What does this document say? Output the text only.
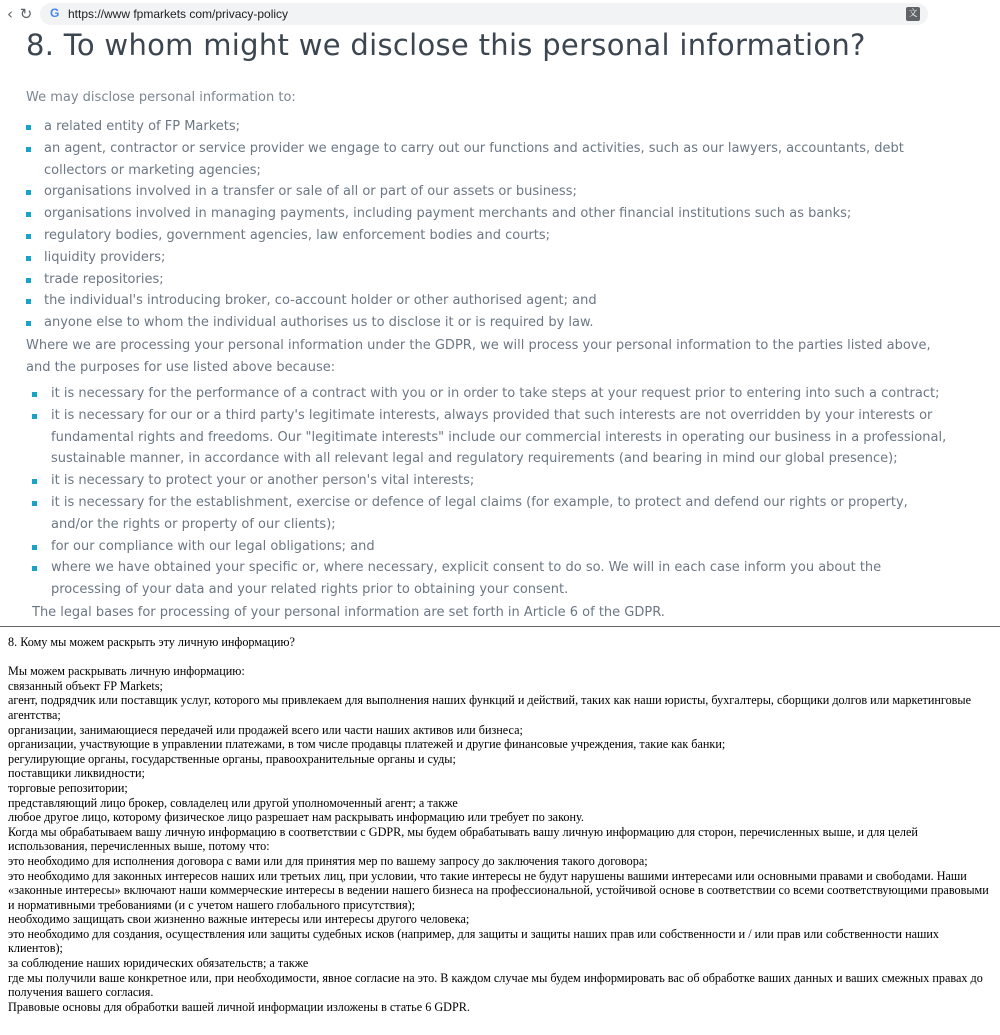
‹ ↻	G https://www fpmarkets com/privacy-policy	文
8. To whom might we disclose this personal information?

We may disclose personal information to:

a related entity of FP Markets;
an agent, contractor or service provider we engage to carry out our functions and activities, such as our lawyers, accountants, debt collectors or marketing agencies;
organisations involved in a transfer or sale of all or part of our assets or business;
organisations involved in managing payments, including payment merchants and other financial institutions such as banks;
regulatory bodies, government agencies, law enforcement bodies and courts;
liquidity providers;
trade repositories;
the individual's introducing broker, co-account holder or other authorised agent; and
anyone else to whom the individual authorises us to disclose it or is required by law.

Where we are processing your personal information under the GDPR, we will process your personal information to the parties listed above, and the purposes for use listed above because:

it is necessary for the performance of a contract with you or in order to take steps at your request prior to entering into such a contract;
it is necessary for our or a third party's legitimate interests, always provided that such interests are not overridden by your interests or fundamental rights and freedoms. Our "legitimate interests" include our commercial interests in operating our business in a professional, sustainable manner, in accordance with all relevant legal and regulatory requirements (and bearing in mind our global presence);
it is necessary to protect your or another person's vital interests;
it is necessary for the establishment, exercise or defence of legal claims (for example, to protect and defend our rights or property, and/or the rights or property of our clients);
for our compliance with our legal obligations; and
where we have obtained your specific or, where necessary, explicit consent to do so. We will in each case inform you about the processing of your data and your related rights prior to obtaining your consent.

The legal bases for processing of your personal information are set forth in Article 6 of the GDPR.

8. Кому мы можем раскрыть эту личную информацию?

Мы можем раскрывать личную информацию:

связанный объект FP Markets;

агент, подрядчик или поставщик услуг, которого мы привлекаем для выполнения наших функций и действий, таких как наши юристы, бухгалтеры, сборщики долгов или маркетинговые агентства;

организации, занимающиеся передачей или продажей всего или части наших активов или бизнеса;

организации, участвующие в управлении платежами, в том числе продавцы платежей и другие финансовые учреждения, такие как банки;

регулирующие органы, государственные органы, правоохранительные органы и суды;

поставщики ликвидности;

торговые репозитории;

представляющий лицо брокер, совладелец или другой уполномоченный агент; а также

любое другое лицо, которому физическое лицо разрешает нам раскрывать информацию или требует по закону.

Когда мы обрабатываем вашу личную информацию в соответствии с GDPR, мы будем обрабатывать вашу личную информацию для сторон, перечисленных выше, и для целей использования, перечисленных выше, потому что:

это необходимо для исполнения договора с вами или для принятия мер по вашему запросу до заключения такого договора;

это необходимо для законных интересов наших или третьих лиц, при условии, что такие интересы не будут нарушены вашими интересами или основными правами и свободами. Наши «законные интересы» включают наши коммерческие интересы в ведении нашего бизнеса на профессиональной, устойчивой основе в соответствии со всеми соответствующими правовыми и нормативными требованиями (и с учетом нашего глобального присутствия);

необходимо защищать свои жизненно важные интересы или интересы другого человека;

это необходимо для создания, осуществления или защиты судебных исков (например, для защиты и защиты наших прав или собственности и / или прав или собственности наших клиентов);

за соблюдение наших юридических обязательств; а также

где мы получили ваше конкретное или, при необходимости, явное согласие на это. В каждом случае мы будем информировать вас об обработке ваших данных и ваших смежных правах до получения вашего согласия.

Правовые основы для обработки вашей личной информации изложены в статье 6 GDPR.
